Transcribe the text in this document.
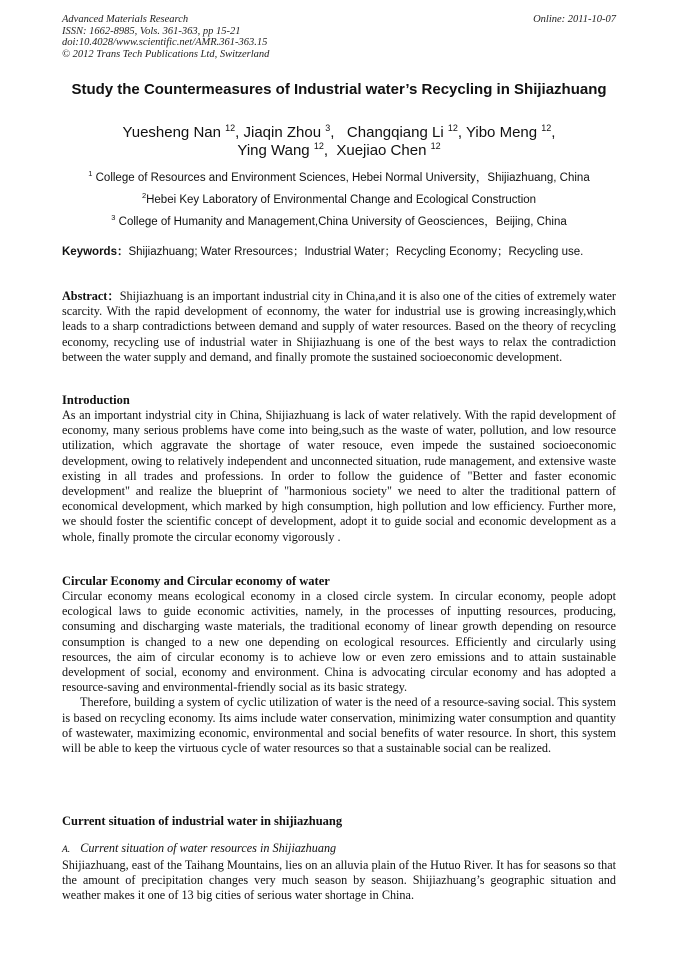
Advanced Materials Research
ISSN: 1662-8985, Vols. 361-363, pp 15-21
doi:10.4028/www.scientific.net/AMR.361-363.15
© 2012 Trans Tech Publications Ltd, Switzerland
Online: 2011-10-07
Study the Countermeasures of Industrial water’s Recycling in Shijiazhuang
Yuesheng Nan $^{12}$, Jiaqin Zhou $^3$,   Changqiang Li $^{12}$, Yibo Meng $^{12}$,
Ying Wang $^{12}$,  Xuejiao Chen $^{12}$
$^1$ College of Resources and Environment Sciences, Hebei Normal University，Shijiazhuang, China
$^2$Hebei Key Laboratory of Environmental Change and Ecological Construction
$^3$ College of Humanity and Management,China University of Geosciences，Beijing, China
Keywords：Shijiazhuang; Water Rresources；Industrial Water；Recycling Economy；Recycling use.
Abstract：Shijiazhuang is an important industrial city in China,and it is also one of the cities of extremely water scarcity. With the rapid development of econnomy, the water for industrial use is growing increasingly,which leads to a sharp contradictions between demand and supply of water resources. Based on the theory of recycling economy, recycling use of industrial water in Shijiazhuang is one of the best ways to relax the contradiction between the water supply and demand, and finally promote the sustained socioeconomic development.
Introduction

As an important indystrial city in China, Shijiazhuang is lack of water relatively. With the rapid development of economy, many serious problems have come into being,such as the waste of water, pollution, and low resource utilization, which aggravate the shortage of water resouce, even impede the sustained socioeconomic development, owing to relatively independent and unconnected situation, rude management, and extensive waste existing in all trades and professions. In order to follow the guidence of "Better and faster economic development" and realize the blueprint of "harmonious society" we need to alter the traditional pattern of economical development, which marked by high consumption, high pollution and low efficiency. Further more, we should foster the scientific concept of development, adopt it to guide social and economic development as a whole, finally promote the circular economy vigorously .

Circular Economy and Circular economy of water

Circular economy means ecological economy in a closed circle system. In circular economy, people adopt ecological laws to guide economic activities, namely, in the processes of inputting resources, producing, consuming and discharging waste materials, the traditional economy of linear growth depending on resource consumption is changed to a new one depending on ecological resources. Efficiently and circularly using resources, the aim of circular economy is to achieve low or even zero emissions and to attain sustainable development of social, economy and environment. China is advocating circular economy and has adopted a resource-saving and environmental-friendly social as its basic strategy.

Therefore, building a system of cyclic utilization of water is the need of a resource-saving social. This system is based on recycling economy. Its aims include water conservation, minimizing water consumption and quantity of wastewater, maximizing economic, environmental and social benefits of water resource. In short, this system will be able to keep the virtuous cycle of water resources so that a sustainable social can be realized.

Current situation of industrial water in shijiazhuang
A. Current situation of water resources in Shijiazhuang

Shijiazhuang, east of the Taihang Mountains, lies on an alluvia plain of the Hutuo River. It has for seasons so that the amount of precipitation changes very much season by season. Shijiazhuang’s geographic situation and weather makes it one of 13 big cities of serious water shortage in China.
